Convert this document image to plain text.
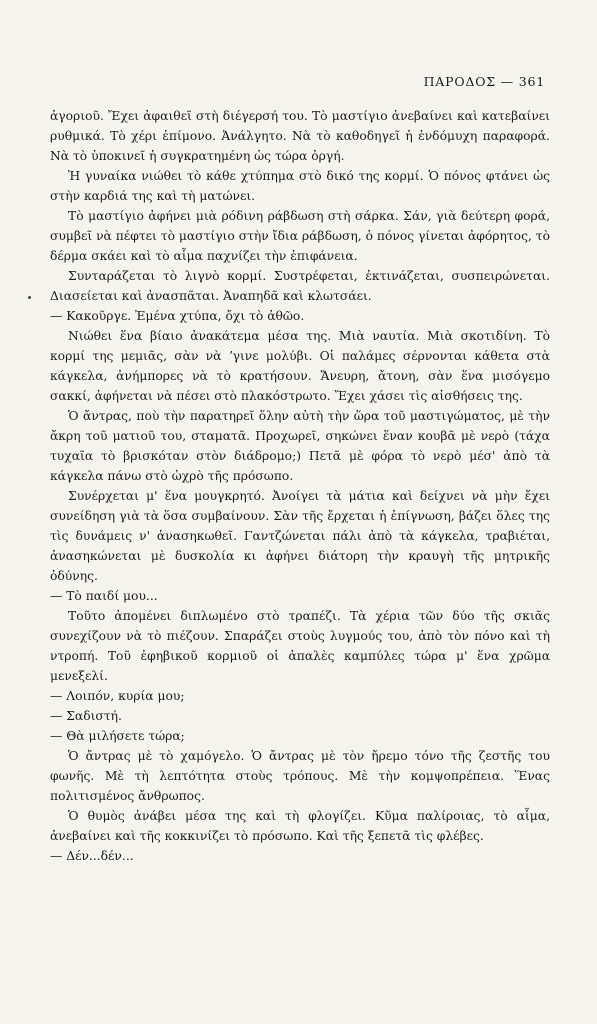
ΠΑΡΟΔΟΣ — 361

ἀγοριοῦ. Ἔχει ἀφαιθεῖ στὴ διέγερσή του. Τὸ μαστίγιο ἀνεβαίνει καὶ κατεβαίνει ρυθμικά. Τὸ χέρι ἐπίμονο. Ἀνάλγητο. Νὰ τὸ καθοδηγεῖ ἡ ἐνδόμυχη παραφορά. Νὰ τὸ ὑποκινεῖ ἡ συγκρατημένη ὡς τώρα ὀργή.

Ἡ γυναίκα νιώθει τὸ κάθε χτύπημα στὸ δικό της κορμί. Ὁ πόνος φτάνει ὡς στὴν καρδιά της καὶ τὴ ματώνει.

Τὸ μαστίγιο ἀφήνει μιὰ ρόδινη ράβδωση στὴ σάρκα. Σάν, γιὰ δεύτερη φορά, συμβεῖ νὰ πέφτει τὸ μαστίγιο στὴν ἴδια ράβδωση, ὁ πόνος γίνεται ἀφόρητος, τὸ δέρμα σκάει καὶ τὸ αἷμα παχνίζει τὴν ἐπιφάνεια.

Συνταράζεται τὸ λιγνὸ κορμί. Συστρέφεται, ἐκτινάζεται, συσπειρώνεται. Διασείεται καὶ ἀνασπᾶται. Ἀναπηδᾶ καὶ κλωτσάει.

— Κακοῦργε. Ἐμένα χτύπα, ὄχι τὸ ἀθῶο.

Νιώθει ἕνα βίαιο ἀνακάτεμα μέσα της. Μιὰ ναυτία. Μιὰ σκοτιδίνη. Τὸ κορμί της μεμιᾶς, σὰν νὰ ʼγινε μολύβι. Οἱ παλάμες σέρνονται κάθετα στὰ κάγκελα, ἀνήμπορες νὰ τὸ κρατήσουν. Ἄνευρη, ἄτονη, σὰν ἕνα μισόγεμο σακκί, ἀφήνεται νὰ πέσει στὸ πλακόστρωτο. Ἔχει χάσει τὶς αἰσθήσεις της.

Ὁ ἄντρας, ποὺ τὴν παρατηρεῖ ὅλην αὐτὴ τὴν ὥρα τοῦ μαστιγώματος, μὲ τὴν ἄκρη τοῦ ματιοῦ του, σταματᾶ. Προχωρεῖ, σηκώνει ἕναν κουβᾶ μὲ νερὸ (τάχα τυχαῖα τὸ βρισκόταν στὸν διάδρομο;) Πετᾶ μὲ φόρα τὸ νερὸ μέσ' ἀπὸ τὰ κάγκελα πάνω στὸ ὠχρὸ τῆς πρόσωπο.

Συνέρχεται μ' ἕνα μουγκρητό. Ἀνοίγει τὰ μάτια καὶ δείχνει νὰ μὴν ἔχει συνείδηση γιὰ τὰ ὅσα συμβαίνουν. Σὰν τῆς ἔρχεται ἡ ἐπίγνωση, βάζει ὅλες της τὶς δυνάμεις ν' ἀνασηκωθεῖ. Γαντζώνεται πάλι ἀπὸ τὰ κάγκελα, τραβιέται, ἀνασηκώνεται μὲ δυσκολία κι ἀφήνει διάτορη τὴν κραυγὴ τῆς μητρικῆς ὀδύνης.

— Τὸ παιδί μου...

Τοῦτο ἀπομένει διπλωμένο στὸ τραπέζι. Τὰ χέρια τῶν δύο τῆς σκιᾶς συνεχίζουν νὰ τὸ πιέζουν. Σπαράζει στοὺς λυγμούς του, ἀπὸ τὸν πόνο καὶ τὴ ντροπή. Τοῦ ἐφηβικοῦ κορμιοῦ οἱ ἁπαλὲς καμπύλες τώρα μ' ἕνα χρῶμα μενεξελί.

— Λοιπόν, κυρία μου;

— Σαδιστή.

— Θὰ μιλήσετε τώρα;

Ὁ ἄντρας μὲ τὸ χαμόγελο. Ὁ ἄντρας μὲ τὸν ἤρεμο τόνο τῆς ζεστῆς του φωνῆς. Μὲ τὴ λεπτότητα στοὺς τρόπους. Μὲ τὴν κομψοπρέπεια. Ἕνας πολιτισμένος ἄνθρωπος.

Ὁ θυμὸς ἀνάβει μέσα της καὶ τὴ φλογίζει. Κῦμα παλίροιας, τὸ αἷμα, ἀνεβαίνει καὶ τῆς κοκκινίζει τὸ πρόσωπο. Καὶ τῆς ξεπετᾶ τὶς φλέβες.

— Δέν...δέν...
